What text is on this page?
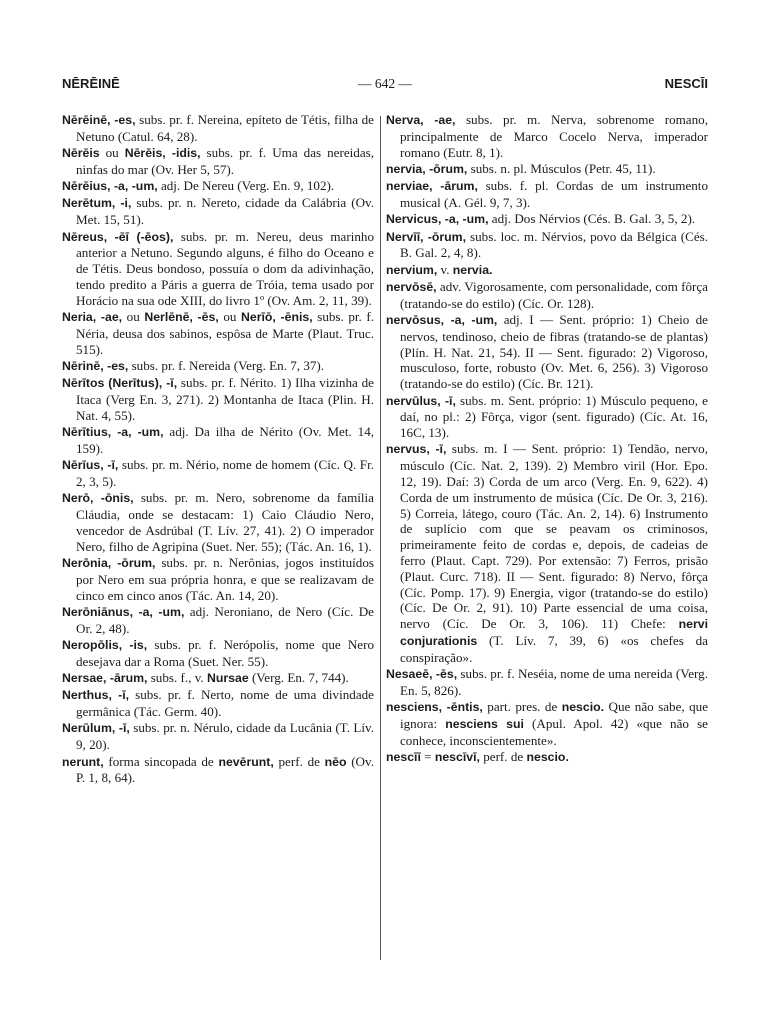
NĒRĒINĒ	— 642 —	NESCĪI

Nērēinē, -es, subs. pr. f. Nereina, epíteto de Tétis, filha de Netuno (Catul. 64, 28).

Nērēis ou Nērēis, -idis, subs. pr. f. Uma das nereidas, ninfas do mar (Ov. Her 5, 57).

Nērēius, -a, -um, adj. De Nereu (Verg. En. 9, 102).

Nerētum, -i, subs. pr. n. Nereto, cidade da Calábria (Ov. Met. 15, 51).

Nēreus, -ēī (-ēos), subs. pr. m. Nereu, deus marinho anterior a Netuno. Segundo alguns, é filho do Oceano e de Tétis. Deus bondoso, possuía o dom da adivinhação, tendo predito a Páris a guerra de Tróia, tema usado por Horácio na sua ode XIII, do livro 1º (Ov. Am. 2, 11, 39).

Neria, -ae, ou Nerlēnē, -ēs, ou Nerīō, -ēnis, subs. pr. f. Néria, deusa dos sabinos, espôsa de Marte (Plaut. Truc. 515).

Nērinē, -es, subs. pr. f. Nereida (Verg. En. 7, 37).

Nērītos (Nerītus), -ī, subs. pr. f. Nérito. 1) Ilha vizinha de Itaca (Verg En. 3, 271). 2) Montanha de Itaca (Plin. H. Nat. 4, 55).

Nērītius, -a, -um, adj. Da ilha de Nérito (Ov. Met. 14, 159).

Nērīus, -ī, subs. pr. m. Nério, nome de homem (Cíc. Q. Fr. 2, 3, 5).

Nerō, -ōnis, subs. pr. m. Nero, sobrenome da família Cláudia, onde se destacam: 1) Caio Cláudio Nero, vencedor de Asdrúbal (T. Lív. 27, 41). 2) O imperador Nero, filho de Agripina (Suet. Ner. 55); (Tác. An. 16, 1).

Nerōnia, -ōrum, subs. pr. n. Nerônias, jogos instituídos por Nero em sua própria honra, e que se realizavam de cinco em cinco anos (Tác. An. 14, 20).

Nerōniānus, -a, -um, adj. Neroniano, de Nero (Cíc. De Or. 2, 48).

Neropōlis, -is, subs. pr. f. Nerópolis, nome que Nero desejava dar a Roma (Suet. Ner. 55).

Nersae, -ārum, subs. f., v. Nursae (Verg. En. 7, 744).

Nerthus, -ī, subs. pr. f. Nerto, nome de uma divindade germânica (Tác. Germ. 40).

Nerūlum, -ī, subs. pr. n. Nérulo, cidade da Lucânia (T. Lív. 9, 20).

nerunt, forma sincopada de nevērunt, perf. de nēo (Ov. P. 1, 8, 64).

Nerva, -ae, subs. pr. m. Nerva, sobrenome romano, principalmente de Marco Cocelo Nerva, imperador romano (Eutr. 8, 1).

nervia, -ōrum, subs. n. pl. Músculos (Petr. 45, 11).

nerviae, -ārum, subs. f. pl. Cordas de um instrumento musical (A. Gél. 9, 7, 3).

Nervicus, -a, -um, adj. Dos Nérvios (Cés. B. Gal. 3, 5, 2).

Nervīī, -ōrum, subs. loc. m. Nérvios, povo da Bélgica (Cés. B. Gal. 2, 4, 8).

nervium, v. nervia.

nervōsē, adv. Vigorosamente, com personalidade, com fôrça (tratando-se do estilo) (Cíc. Or. 128).

nervōsus, -a, -um, adj. I — Sent. próprio: 1) Cheio de nervos, tendinoso, cheio de fibras (tratando-se de plantas) (Plín. H. Nat. 21, 54). II — Sent. figurado: 2) Vigoroso, musculoso, forte, robusto (Ov. Met. 6, 256). 3) Vigoroso (tratando-se do estilo) (Cíc. Br. 121).

nervūlus, -ī, subs. m. Sent. próprio: 1) Músculo pequeno, e daí, no pl.: 2) Fôrça, vigor (sent. figurado) (Cíc. At. 16, 16C, 13).

nervus, -ī, subs. m. I — Sent. próprio: 1) Tendão, nervo, músculo (Cíc. Nat. 2, 139). 2) Membro viril (Hor. Epo. 12, 19). Daí: 3) Corda de um arco (Verg. En. 9, 622). 4) Corda de um instrumento de música (Cíc. De Or. 3, 216). 5) Correia, látego, couro (Tác. An. 2, 14). 6) Instrumento de suplício com que se peavam os criminosos, primeiramente feito de cordas e, depois, de cadeias de ferro (Plaut. Capt. 729). Por extensão: 7) Ferros, prisão (Plaut. Curc. 718). II — Sent. figurado: 8) Nervo, fôrça (Cíc. Pomp. 17). 9) Energia, vigor (tratando-se do estilo) (Cíc. De Or. 2, 91). 10) Parte essencial de uma coisa, nervo (Cíc. De Or. 3, 106). 11) Chefe: nervi conjurationis (T. Lív. 7, 39, 6) «os chefes da conspiração».

Nesaeē, -ēs, subs. pr. f. Neséia, nome de uma nereida (Verg. En. 5, 826).

nesciens, -ēntis, part. pres. de nescio. Que não sabe, que ignora: nesciens sui (Apul. Apol. 42) «que não se conhece, inconscientemente».

nescīī = nescīvī, perf. de nescio.
